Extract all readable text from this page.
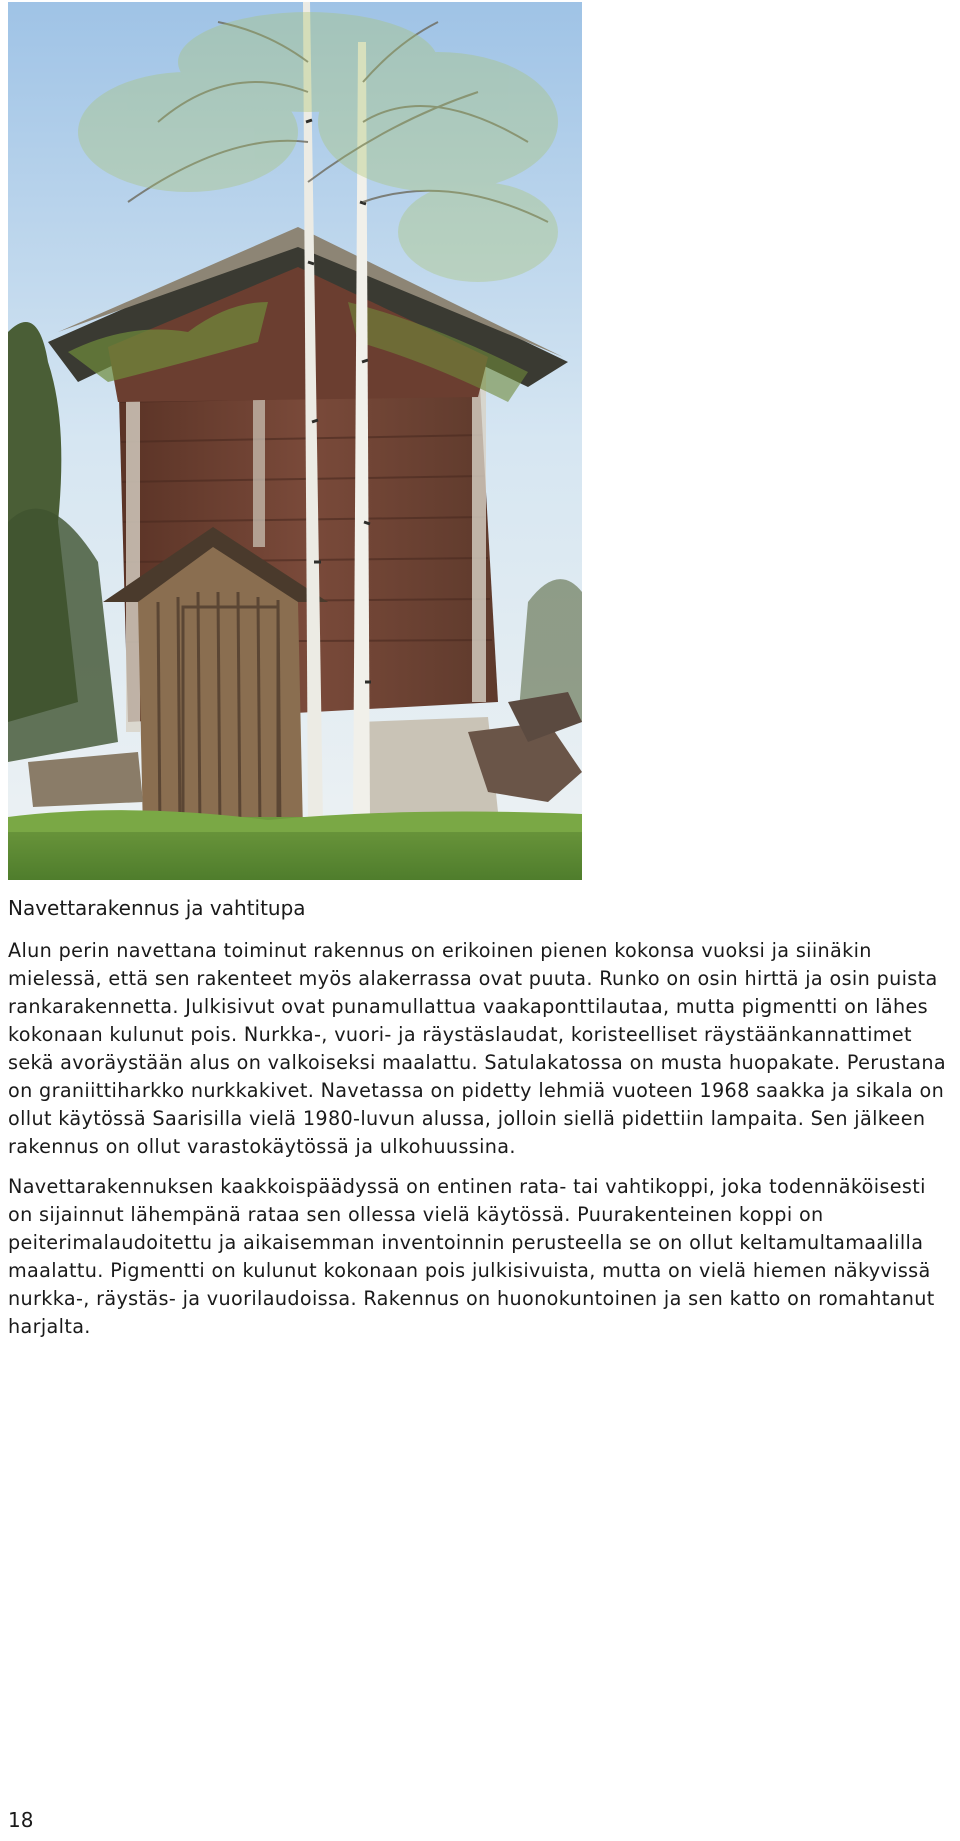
Navettarakennus ja vahtitupa

Alun perin navettana toiminut rakennus on erikoinen pienen kokonsa vuoksi ja siinäkin mielessä, että sen rakenteet myös alakerrassa ovat puuta. Runko on osin hirttä ja osin puista rankarakennetta. Julkisivut ovat punamullattua vaakaponttilautaa, mutta pigmentti on lähes kokonaan kulunut pois. Nurkka-, vuori- ja räystäslaudat, koristeelliset räystäänkannattimet sekä avoräystään alus on valkoiseksi maalattu. Satulakatossa on musta huopakate. Perustana on graniittiharkko nurkkakivet. Navetassa on pidetty lehmiä vuoteen 1968 saakka ja sikala on ollut käytössä Saarisilla vielä 1980-luvun alussa, jolloin siellä pidettiin lampaita. Sen jälkeen rakennus on ollut varastokäytössä ja ulkohuussina.

Navettarakennuksen kaakkoispäädyssä on entinen rata- tai vahtikoppi, joka todennäköisesti on sijainnut lähempänä rataa sen ollessa vielä käytössä. Puurakenteinen koppi on peiterimalaudoitettu ja aikaisemman inventoinnin perusteella se on ollut keltamultamaalilla maalattu. Pigmentti on kulunut kokonaan pois julkisivuista, mutta on vielä hiemen näkyvissä nurkka-, räystäs- ja vuorilaudoissa. Rakennus on huonokuntoinen ja sen katto on romahtanut harjalta.

18
